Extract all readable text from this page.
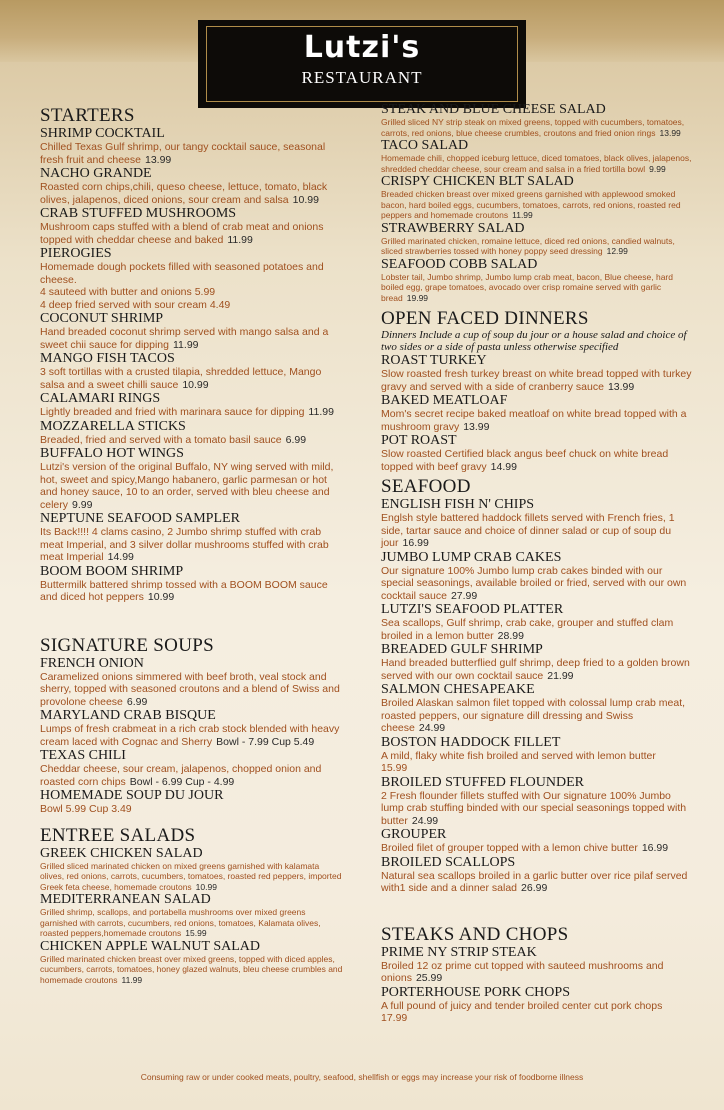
Lutzi's
RESTAURANT
STARTERS
SHRIMP COCKTAIL
Chilled Texas Gulf shrimp, our tangy cocktail sauce, seasonal fresh fruit and cheese 13.99
NACHO GRANDE
Roasted corn chips,chili, queso cheese, lettuce, tomato, black olives, jalapenos, diced onions, sour cream and salsa 10.99
CRAB STUFFED MUSHROOMS
Mushroom caps stuffed with a blend of crab meat and onions topped with cheddar cheese and baked 11.99
PIEROGIES
Homemade dough pockets filled with seasoned potatoes and cheese.
4 sauteed with butter and onions 5.99
4 deep fried served with sour cream 4.49
COCONUT SHRIMP
Hand breaded coconut shrimp served with mango salsa and a sweet chii sauce for dipping 11.99
MANGO FISH TACOS
3 soft tortillas with a crusted tilapia, shredded lettuce, Mango salsa and a sweet chilli sauce 10.99
CALAMARI RINGS
Lightly breaded and fried with marinara sauce for dipping 11.99
MOZZARELLA STICKS
Breaded, fried and served with a tomato basil sauce 6.99
BUFFALO HOT WINGS
Lutzi's version of the original Buffalo, NY wing served with mild, hot, sweet and spicy,Mango habanero, garlic parmesan or hot and honey sauce, 10 to an order, served with bleu cheese and celery 9.99
NEPTUNE SEAFOOD SAMPLER
Its Back!!!! 4 clams casino, 2 Jumbo shrimp stuffed with crab meat Imperial, and 3 silver dollar mushrooms stuffed with crab meat Imperial 14.99
BOOM BOOM SHRIMP
Buttermilk battered shrimp tossed with a BOOM BOOM sauce and diced hot peppers 10.99
SIGNATURE SOUPS
FRENCH ONION
Caramelized onions simmered with beef broth, veal stock and sherry, topped with seasoned croutons and a blend of Swiss and provolone cheese 6.99
MARYLAND CRAB BISQUE
Lumps of fresh crabmeat in a rich crab stock blended with heavy cream laced with Cognac and Sherry Bowl - 7.99 Cup 5.49
TEXAS CHILI
Cheddar cheese, sour cream, jalapenos, chopped onion and roasted corn chips Bowl - 6.99 Cup - 4.99
HOMEMADE SOUP DU JOUR
Bowl 5.99 Cup 3.49
ENTREE SALADS
GREEK CHICKEN SALAD
Grilled sliced marinated chicken on mixed greens garnished with kalamata olives, red onions, carrots, cucumbers, tomatoes, roasted red peppers, imported Greek feta cheese, homemade croutons 10.99
MEDITERRANEAN SALAD
Grilled shrimp, scallops, and portabella mushrooms over mixed greens garnished with carrots, cucumbers, red onions, tomatoes, Kalamata olives, roasted peppers,homemade croutons 15.99
CHICKEN APPLE WALNUT SALAD
Grilled marinated chicken breast over mixed greens, topped with diced apples, cucumbers, carrots, tomatoes, honey glazed walnuts, bleu cheese crumbles and homemade croutons 11.99
STEAK AND BLUE CHEESE SALAD
Grilled sliced NY strip steak on mixed greens, topped with cucumbers, tomatoes, carrots, red onions, blue cheese crumbles, croutons and fried onion rings 13.99
TACO SALAD
Homemade chili, chopped iceburg lettuce, diced tomatoes, black olives, jalapenos, shredded cheddar cheese, sour cream and salsa in a fried tortilla bowl 9.99
CRISPY CHICKEN BLT SALAD
Breaded chicken breast over mixed greens garnished with applewood smoked bacon, hard boiled eggs, cucumbers, tomatoes, carrots, red onions, roasted red peppers and homemade croutons 11.99
STRAWBERRY SALAD
Grilled marinated chicken, romaine lettuce, diced red onions, candied walnuts, sliced strawberries tossed with honey poppy seed dressing 12.99
SEAFOOD COBB SALAD
Lobster tail, Jumbo shrimp, Jumbo lump crab meat, bacon, Blue cheese, hard boiled egg, grape tomatoes, avocado over crisp romaine served with garlic bread 19.99
OPEN FACED DINNERS
Dinners Include a cup of soup du jour or a house salad and choice of two sides or a side of pasta unless otherwise specified
ROAST TURKEY
Slow roasted fresh turkey breast on white bread topped with turkey gravy and served with a side of cranberry sauce 13.99
BAKED MEATLOAF
Mom's secret recipe baked meatloaf on white bread topped with a mushroom gravy 13.99
POT ROAST
Slow roasted Certified black angus beef chuck on white bread topped with beef gravy 14.99
SEAFOOD
ENGLISH FISH N' CHIPS
Englsh style battered haddock fillets served with French fries, 1 side, tartar sauce and choice of dinner salad or cup of soup du jour 16.99
JUMBO LUMP CRAB CAKES
Our signature 100% Jumbo lump crab cakes binded with our special seasonings, available broiled or fried, served with our own cocktail sauce 27.99
LUTZI'S SEAFOOD PLATTER
Sea scallops, Gulf shrimp, crab cake, grouper and stuffed clam broiled in a lemon butter 28.99
BREADED GULF SHRIMP
Hand breaded butterflied gulf shrimp, deep fried to a golden brown served with our own cocktail sauce 21.99
SALMON CHESAPEAKE
Broiled Alaskan salmon filet topped with colossal lump crab meat, roasted peppers, our signature dill dressing and Swiss cheese 24.99
BOSTON HADDOCK FILLET
A mild, flaky white fish broiled and served with lemon butter
15.99
BROILED STUFFED FLOUNDER
2 Fresh flounder fillets stuffed with Our signature 100% Jumbo lump crab stuffing binded with our special seasonings topped with butter 24.99
GROUPER
Broiled filet of grouper topped with a lemon chive butter 16.99
BROILED SCALLOPS
Natural sea scallops broiled in a garlic butter over rice pilaf served with1 side and a dinner salad 26.99
STEAKS AND CHOPS
PRIME NY STRIP STEAK
Broiled 12 oz prime cut topped with sauteed mushrooms and onions 25.99
PORTERHOUSE PORK CHOPS
A full pound of juicy and tender broiled center cut pork chops
17.99
Consuming raw or under cooked meats, poultry, seafood, shellfish or eggs may increase your risk of foodborne illness
